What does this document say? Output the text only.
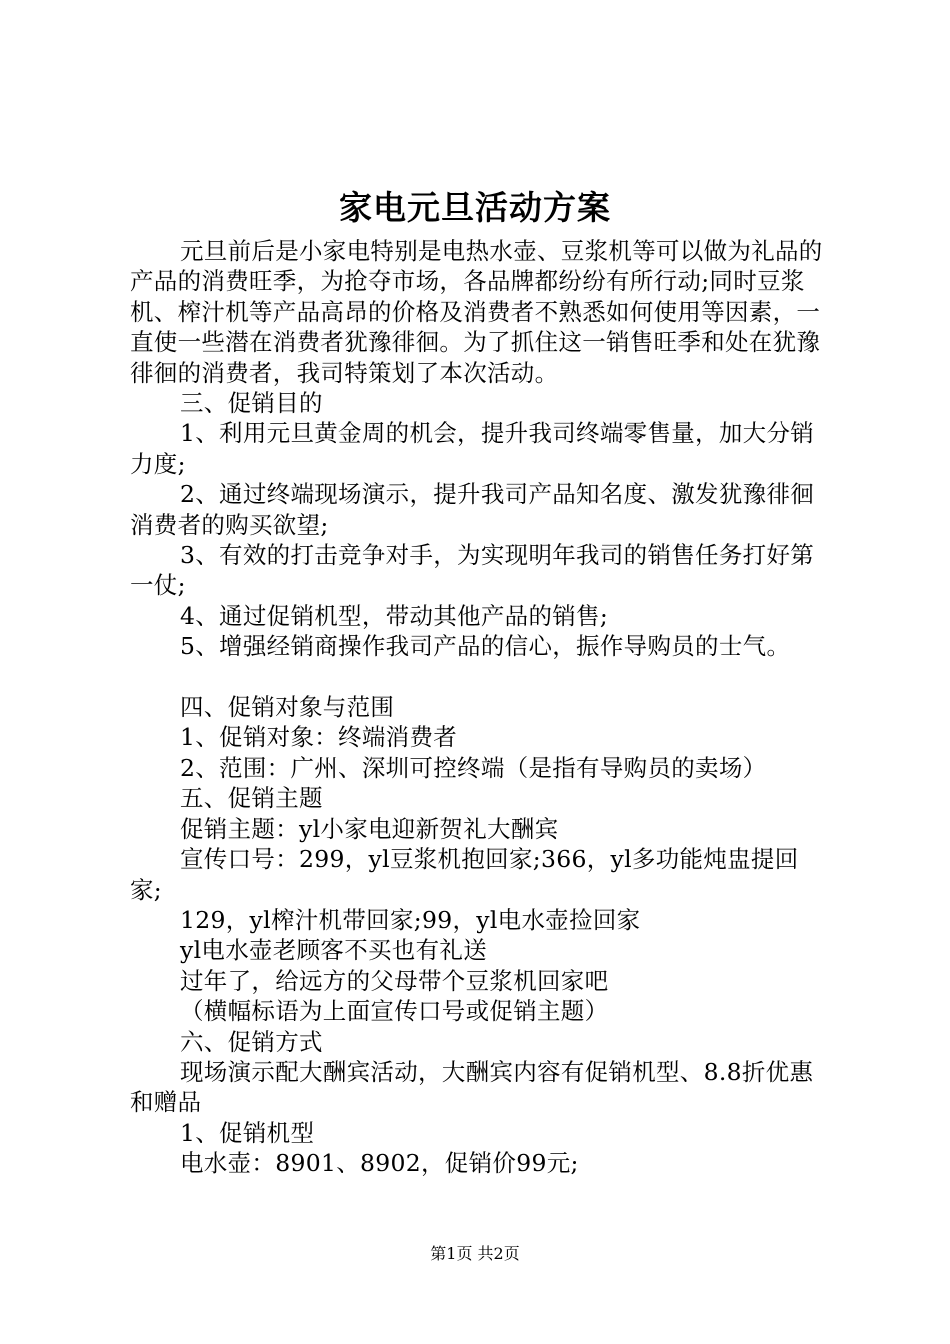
家电元旦活动方案

元旦前后是小家电特别是电热水壶、豆浆机等可以做为礼品的产品的消费旺季，为抢夺市场，各品牌都纷纷有所行动;同时豆浆机、榨汁机等产品高昂的价格及消费者不熟悉如何使用等因素，一直使一些潜在消费者犹豫徘徊。为了抓住这一销售旺季和处在犹豫徘徊的消费者，我司特策划了本次活动。

三、促销目的

1、利用元旦黄金周的机会，提升我司终端零售量，加大分销力度;

2、通过终端现场演示，提升我司产品知名度、激发犹豫徘徊消费者的购买欲望;

3、有效的打击竞争对手，为实现明年我司的销售任务打好第一仗;

4、通过促销机型，带动其他产品的销售;

5、增强经销商操作我司产品的信心，振作导购员的士气。

四、促销对象与范围

1、促销对象：终端消费者

2、范围：广州、深圳可控终端（是指有导购员的卖场）

五、促销主题

促销主题：yl小家电迎新贺礼大酬宾

宣传口号：299，yl豆浆机抱回家;366，yl多功能炖盅提回家;

129，yl榨汁机带回家;99，yl电水壶捡回家

yl电水壶老顾客不买也有礼送

过年了，给远方的父母带个豆浆机回家吧

（横幅标语为上面宣传口号或促销主题）

六、促销方式

现场演示配大酬宾活动，大酬宾内容有促销机型、8.8折优惠和赠品

1、促销机型

电水壶：8901、8902，促销价99元;

第1页 共2页
